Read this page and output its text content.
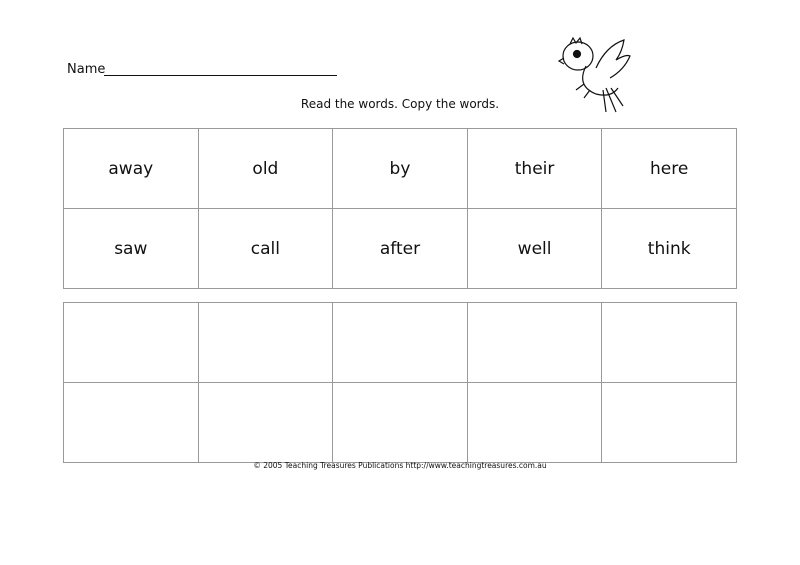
Name
Read the words. Copy the words.
away	old	by	their	here
saw	call	after	well	think

© 2005 Teaching Treasures Publications http://www.teachingtreasures.com.au
